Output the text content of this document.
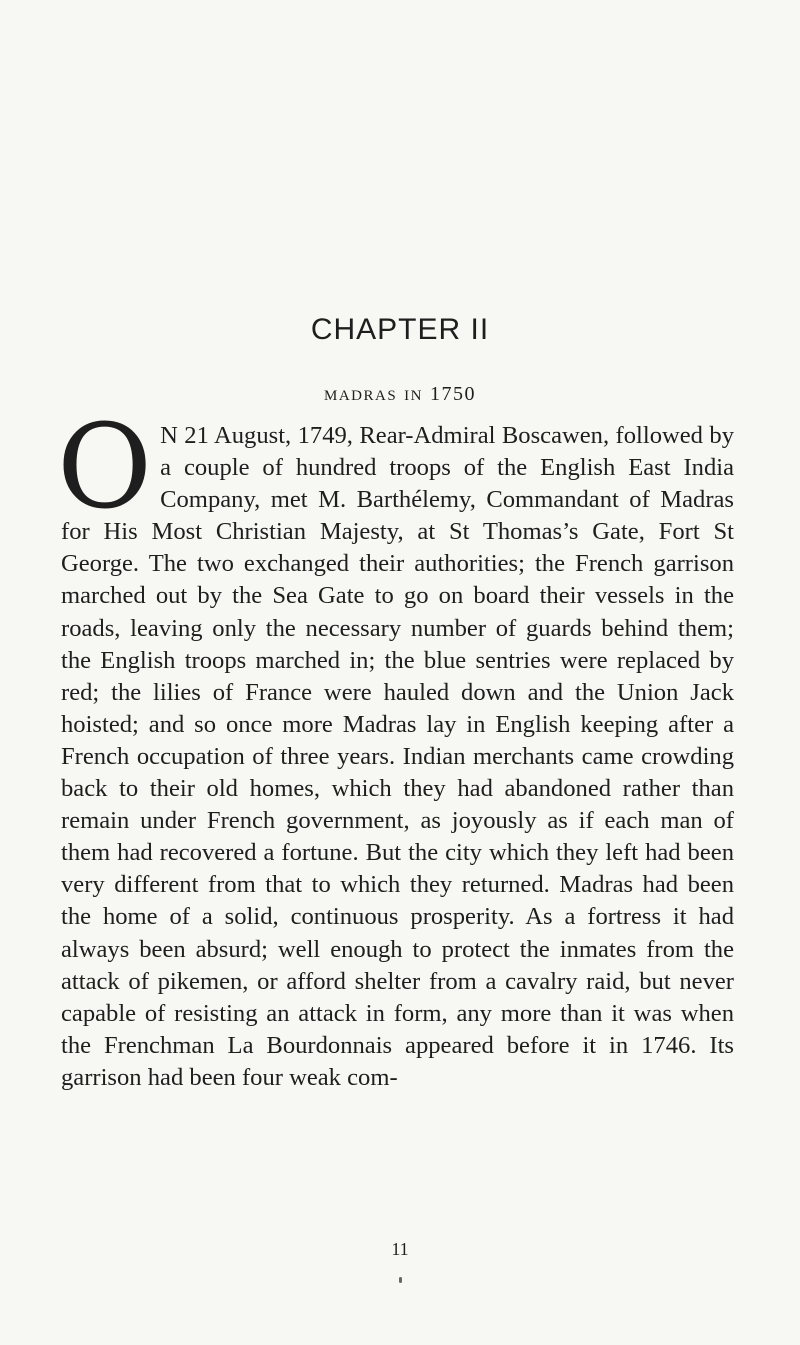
CHAPTER II
madras in 1750
O N 21 August, 1749, Rear-Admiral Boscawen, followed by a couple of hundred troops of the English East India Company, met M. Barthélemy, Commandant of Madras for His Most Christian Majesty, at St Thomas’s Gate, Fort St George. The two exchanged their authorities; the French garrison marched out by the Sea Gate to go on board their vessels in the roads, leaving only the necessary number of guards behind them; the English troops marched in; the blue sentries were replaced by red; the lilies of France were hauled down and the Union Jack hoisted; and so once more Madras lay in English keeping after a French occupation of three years. Indian merchants came crowding back to their old homes, which they had abandoned rather than remain under French government, as joyously as if each man of them had recovered a fortune. But the city which they left had been very different from that to which they returned. Madras had been the home of a solid, continuous prosperity. As a fortress it had always been absurd; well enough to protect the inmates from the attack of pikemen, or afford shelter from a cavalry raid, but never capable of resisting an attack in form, any more than it was when the Frenchman La Bourdonnais appeared before it in 1746. Its garrison had been four weak com-
11
